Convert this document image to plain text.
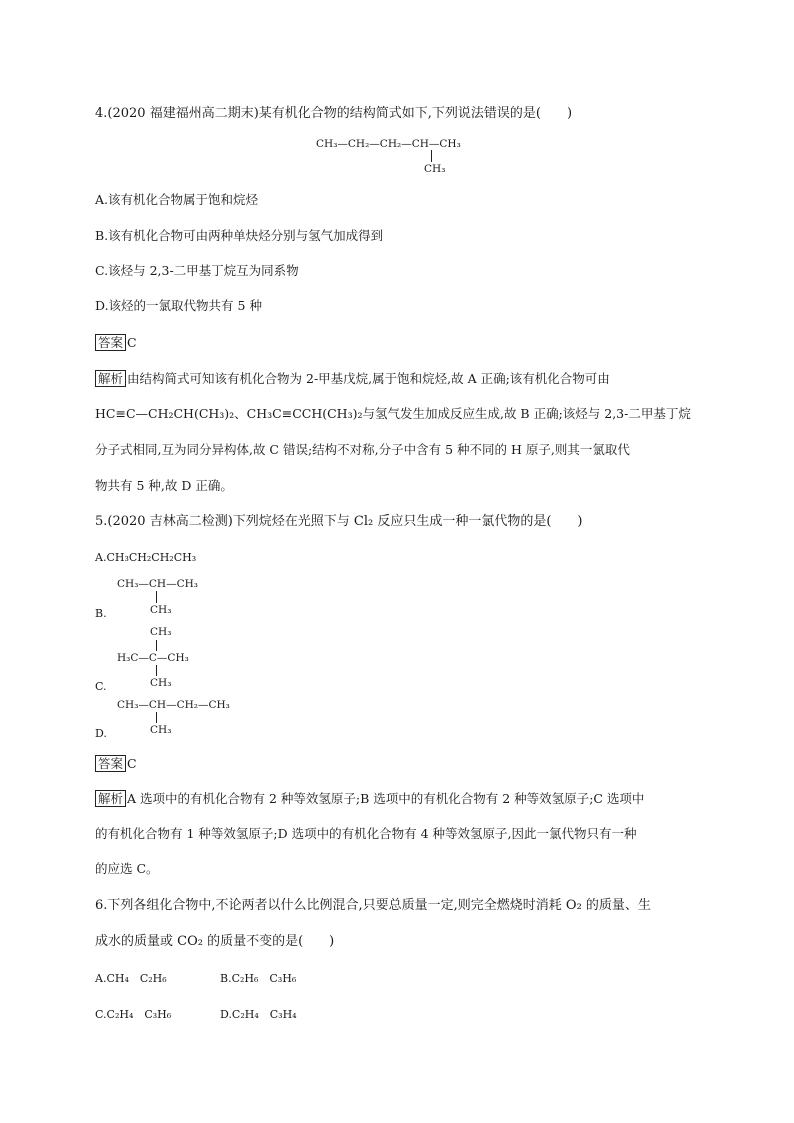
4.(2020 福建福州高二期末)某有机化合物的结构简式如下,下列说法错误的是(　　)
CH₃—CH₂—CH₂—CH—CH₃
CH₃
A.该有机化合物属于饱和烷烃
B.该有机化合物可由两种单炔烃分别与氢气加成得到
C.该烃与 2,3-二甲基丁烷互为同系物
D.该烃的一氯取代物共有 5 种
答案 C
解析 由结构简式可知该有机化合物为 2-甲基戊烷,属于饱和烷烃,故 A 正确;该有机化合物可由
HC≡C—CH₂CH(CH₃)₂、CH₃C≡CCH(CH₃)₂与氢气发生加成反应生成,故 B 正确;该烃与 2,3-二甲基丁烷
分子式相同,互为同分异构体,故 C 错误;结构不对称,分子中含有 5 种不同的 H 原子,则其一氯取代
物共有 5 种,故 D 正确。
5.(2020 吉林高二检测)下列烷烃在光照下与 Cl₂ 反应只生成一种一氯代物的是(　　)
A.CH₃CH₂CH₂CH₃
CH₃—CH—CH₃
CH₃
B.
CH₃
H₃C—C—CH₃
CH₃
C.
CH₃—CH—CH₂—CH₃
CH₃
D.
答案 C
解析 A 选项中的有机化合物有 2 种等效氢原子;B 选项中的有机化合物有 2 种等效氢原子;C 选项中
的有机化合物有 1 种等效氢原子;D 选项中的有机化合物有 4 种等效氢原子,因此一氯代物只有一种
的应选 C。
6.下列各组化合物中,不论两者以什么比例混合,只要总质量一定,则完全燃烧时消耗 O₂ 的质量、生
成水的质量或 CO₂ 的质量不变的是(　　)
A.CH₄　C₂H₆	B.C₂H₆　C₃H₆
C.C₂H₄　C₃H₆	D.C₂H₄　C₃H₄
